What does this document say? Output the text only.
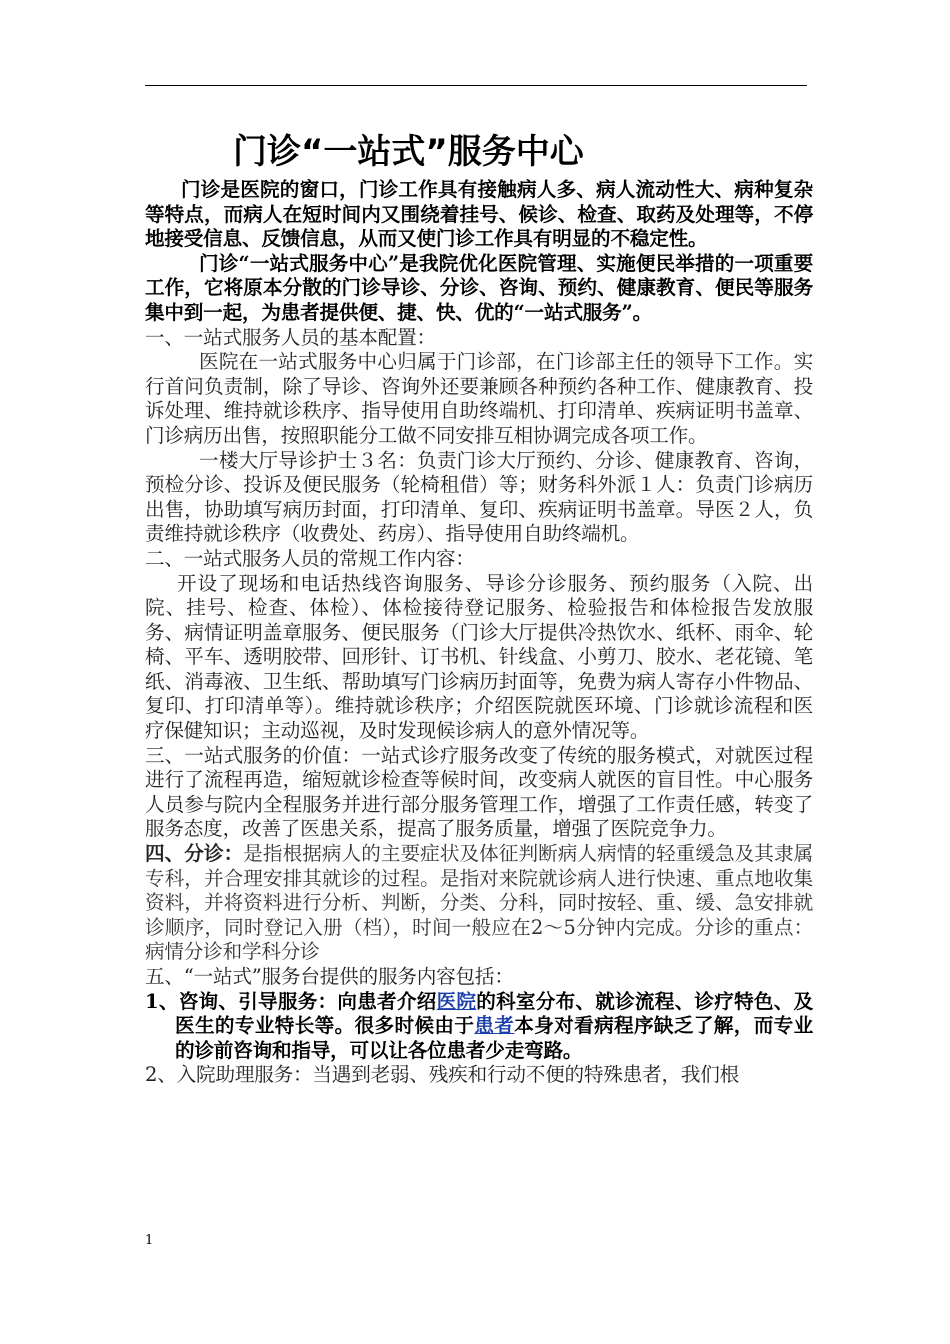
门诊“一站式”服务中心

门诊是医院的窗口，门诊工作具有接触病人多、病人流动性大、病种复杂等特点，而病人在短时间内又围绕着挂号、候诊、检查、取药及处理等，不停地接受信息、反馈信息，从而又使门诊工作具有明显的不稳定性。

门诊“一站式服务中心”是我院优化医院管理、实施便民举措的一项重要工作，它将原本分散的门诊导诊、分诊、咨询、预约、健康教育、便民等服务集中到一起，为患者提供便、捷、快、优的“一站式服务”。

一、一站式服务人员的基本配置：

医院在一站式服务中心归属于门诊部，在门诊部主任的领导下工作。实行首问负责制，除了导诊、咨询外还要兼顾各种预约各种工作、健康教育、投诉处理、维持就诊秩序、指导使用自助终端机、打印清单、疾病证明书盖章、门诊病历出售，按照职能分工做不同安排互相协调完成各项工作。

一楼大厅导诊护士３名：负责门诊大厅预约、分诊、健康教育、咨询，预检分诊、投诉及便民服务（轮椅租借）等；财务科外派１人：负责门诊病历出售，协助填写病历封面，打印清单、复印、疾病证明书盖章。导医２人，负责维持就诊秩序（收费处、药房）、指导使用自助终端机。

二、一站式服务人员的常规工作内容：

开设了现场和电话热线咨询服务、导诊分诊服务、预约服务（入院、出院、挂号、检查、体检）、体检接待登记服务、检验报告和体检报告发放服务、病情证明盖章服务、便民服务（门诊大厅提供冷热饮水、纸杯、雨伞、轮椅、平车、透明胶带、回形针、订书机、针线盒、小剪刀、胶水、老花镜、笔纸、消毒液、卫生纸、帮助填写门诊病历封面等，免费为病人寄存小件物品、复印、打印清单等）。维持就诊秩序；介绍医院就医环境、门诊就诊流程和医疗保健知识；主动巡视，及时发现候诊病人的意外情况等。

三、一站式服务的价值：一站式诊疗服务改变了传统的服务模式，对就医过程进行了流程再造，缩短就诊检查等候时间，改变病人就医的盲目性。中心服务人员参与院内全程服务并进行部分服务管理工作，增强了工作责任感，转变了服务态度，改善了医患关系，提高了服务质量，增强了医院竞争力。

四、分诊：是指根据病人的主要症状及体征判断病人病情的轻重缓急及其隶属专科，并合理安排其就诊的过程。是指对来院就诊病人进行快速、重点地收集资料，并将资料进行分析、判断，分类、分科，同时按轻、重、缓、急安排就诊顺序，同时登记入册（档），时间一般应在2～5分钟内完成。分诊的重点：病情分诊和学科分诊

五、“一站式”服务台提供的服务内容包括：

1、咨询、引导服务：向患者介绍医院的科室分布、就诊流程、诊疗特色、及医生的专业特长等。很多时候由于患者本身对看病程序缺乏了解，而专业的诊前咨询和指导，可以让各位患者少走弯路。

2、入院助理服务：当遇到老弱、残疾和行动不便的特殊患者，我们根

1
